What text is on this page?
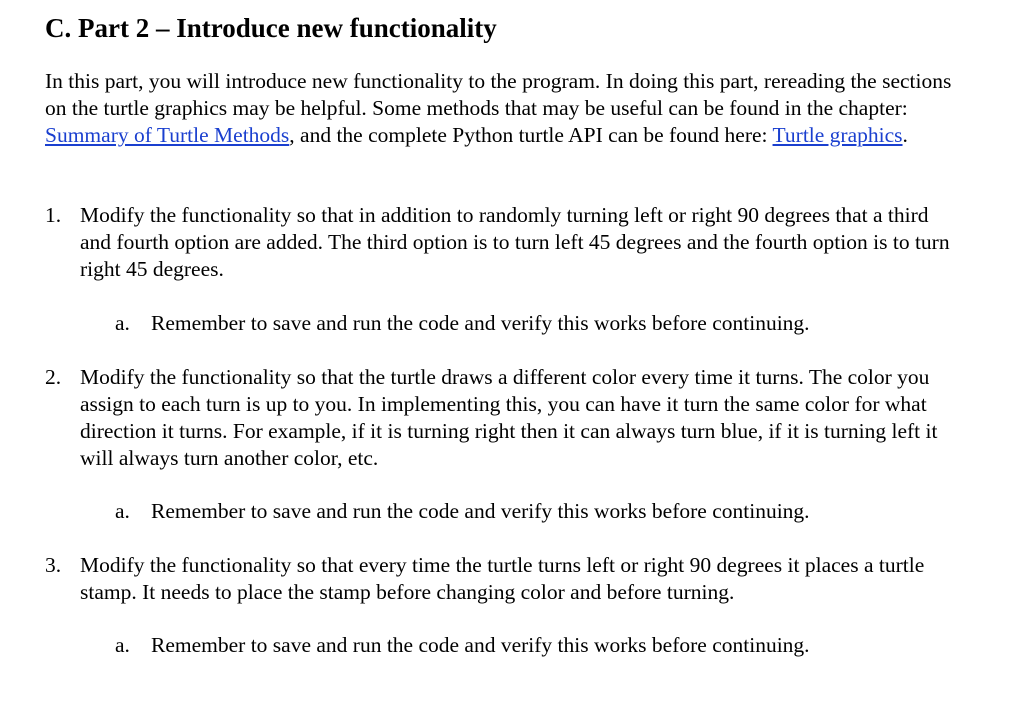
C. Part 2 – Introduce new functionality

In this part, you will introduce new functionality to the program. In doing this part, rereading the sections on the turtle graphics may be helpful. Some methods that may be useful can be found in the chapter: Summary of Turtle Methods, and the complete Python turtle API can be found here: Turtle graphics.

1. Modify the functionality so that in addition to randomly turning left or right 90 degrees that a third and fourth option are added. The third option is to turn left 45 degrees and the fourth option is to turn right 45 degrees.
a. Remember to save and run the code and verify this works before continuing.
2. Modify the functionality so that the turtle draws a different color every time it turns. The color you assign to each turn is up to you. In implementing this, you can have it turn the same color for what direction it turns. For example, if it is turning right then it can always turn blue, if it is turning left it will always turn another color, etc.
a. Remember to save and run the code and verify this works before continuing.
3. Modify the functionality so that every time the turtle turns left or right 90 degrees it places a turtle stamp. It needs to place the stamp before changing color and before turning.
a. Remember to save and run the code and verify this works before continuing.
